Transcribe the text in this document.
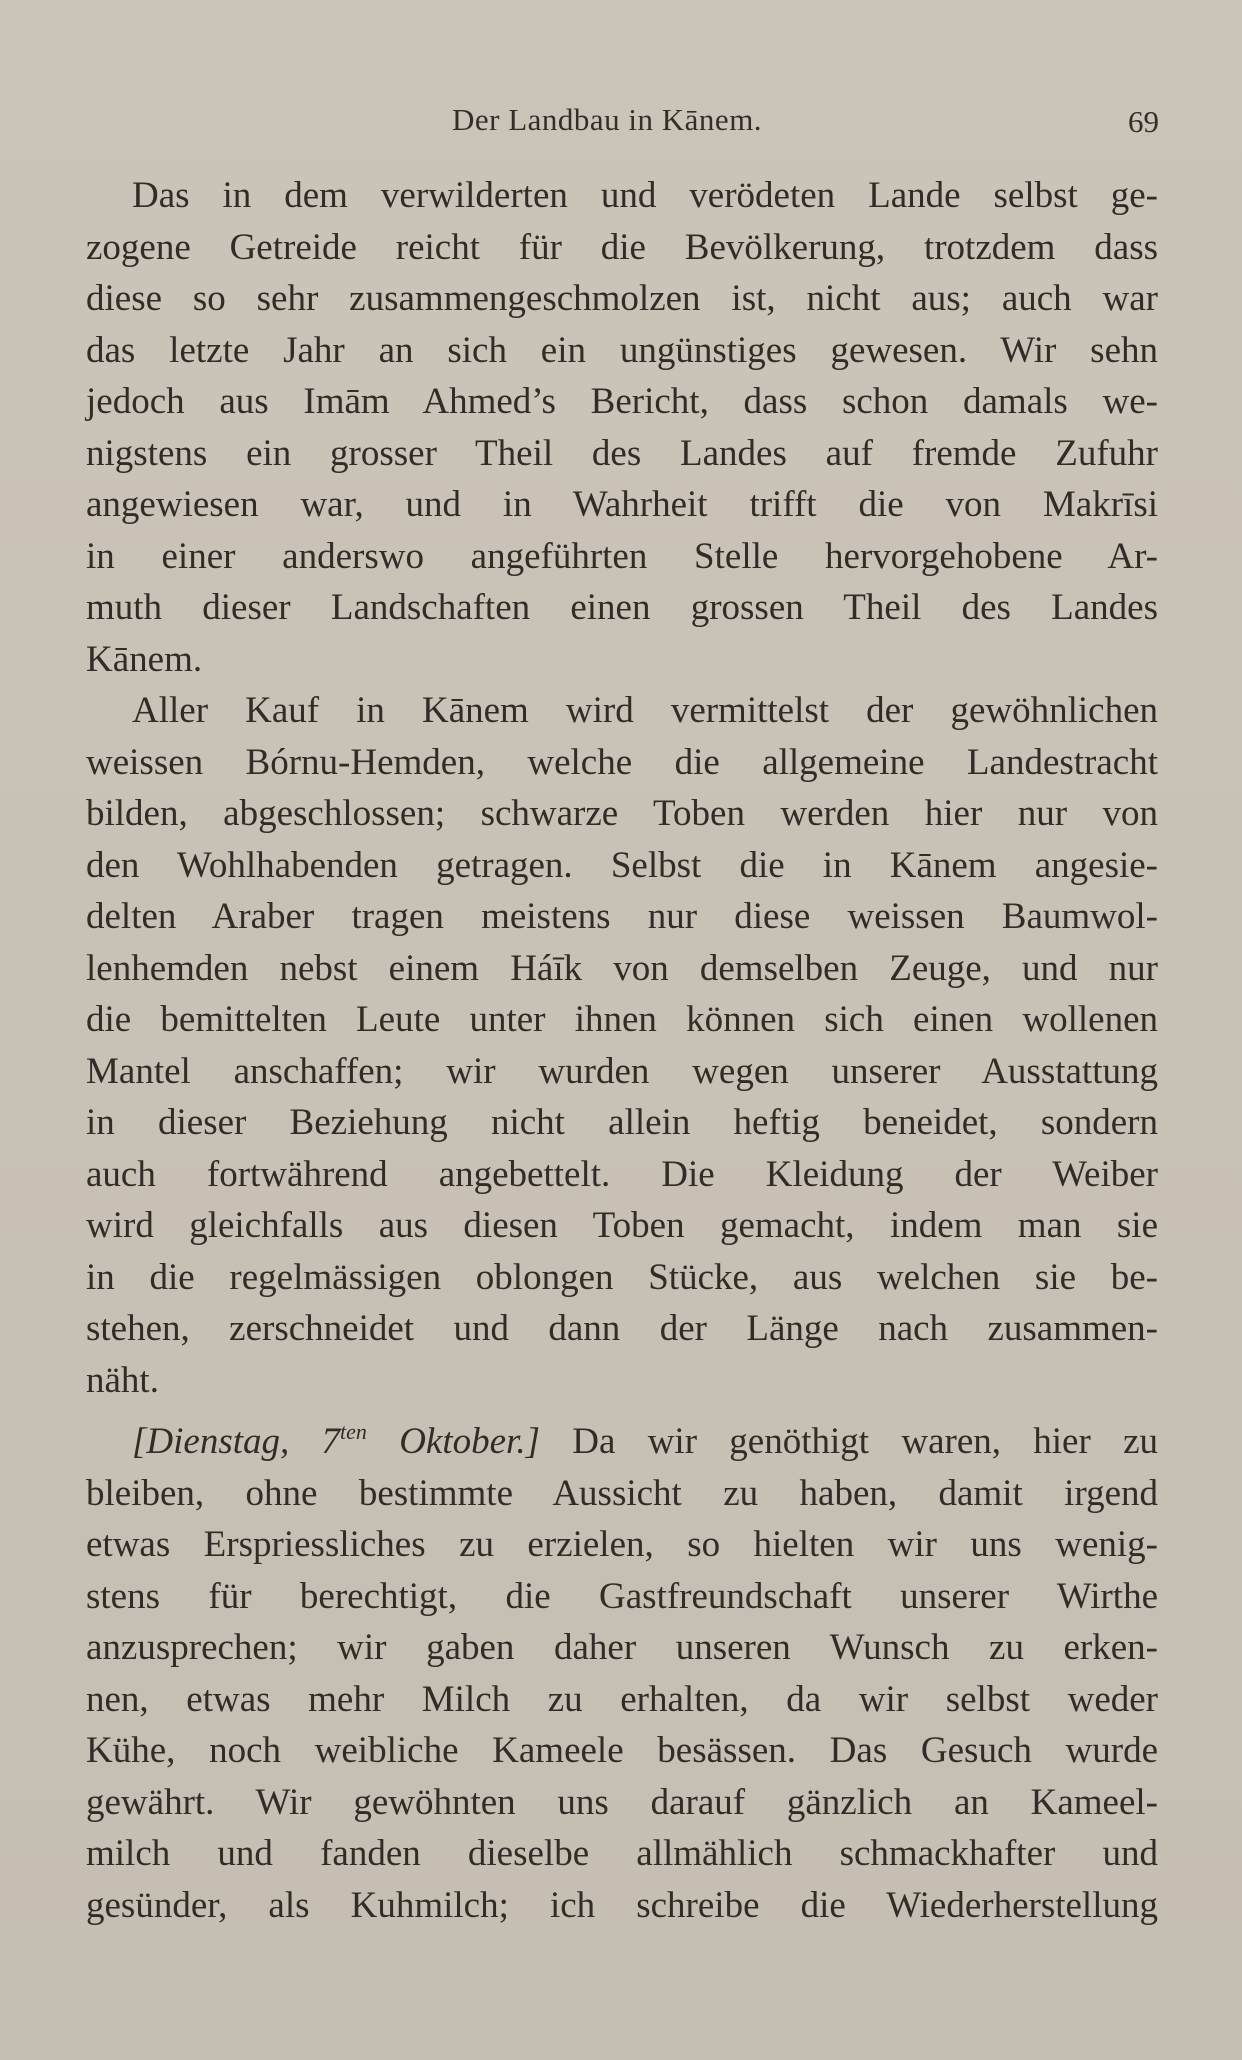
Der Landbau in Kānem.	69

Das in dem verwilderten und verödeten Lande selbst ge-
zogene Getreide reicht für die Bevölkerung, trotzdem dass
diese so sehr zusammengeschmolzen ist, nicht aus; auch war
das letzte Jahr an sich ein ungünstiges gewesen. Wir sehn
jedoch aus Imām Ahmed’s Bericht, dass schon damals we-
nigstens ein grosser Theil des Landes auf fremde Zufuhr
angewiesen war, und in Wahrheit trifft die von Makrīsi
in einer anderswo angeführten Stelle hervorgehobene Ar-
muth dieser Landschaften einen grossen Theil des Landes
Kānem.

Aller Kauf in Kānem wird vermittelst der gewöhnlichen
weissen Bórnu-Hemden, welche die allgemeine Landestracht
bilden, abgeschlossen; schwarze Toben werden hier nur von
den Wohlhabenden getragen. Selbst die in Kānem angesie-
delten Araber tragen meistens nur diese weissen Baumwol-
lenhemden nebst einem Háīk von demselben Zeuge, und nur
die bemittelten Leute unter ihnen können sich einen wollenen
Mantel anschaffen; wir wurden wegen unserer Ausstattung
in dieser Beziehung nicht allein heftig beneidet, sondern
auch fortwährend angebettelt. Die Kleidung der Weiber
wird gleichfalls aus diesen Toben gemacht, indem man sie
in die regelmässigen oblongen Stücke, aus welchen sie be-
stehen, zerschneidet und dann der Länge nach zusammen-
näht.

[Dienstag, $7^{ten}$ Oktober.] Da wir genöthigt waren, hier zu
bleiben, ohne bestimmte Aussicht zu haben, damit irgend
etwas Erspriessliches zu erzielen, so hielten wir uns wenig-
stens für berechtigt, die Gastfreundschaft unserer Wirthe
anzusprechen; wir gaben daher unseren Wunsch zu erken-
nen, etwas mehr Milch zu erhalten, da wir selbst weder
Kühe, noch weibliche Kameele besässen. Das Gesuch wurde
gewährt. Wir gewöhnten uns darauf gänzlich an Kameel-
milch und fanden dieselbe allmählich schmackhafter und
gesünder, als Kuhmilch; ich schreibe die Wiederherstellung
